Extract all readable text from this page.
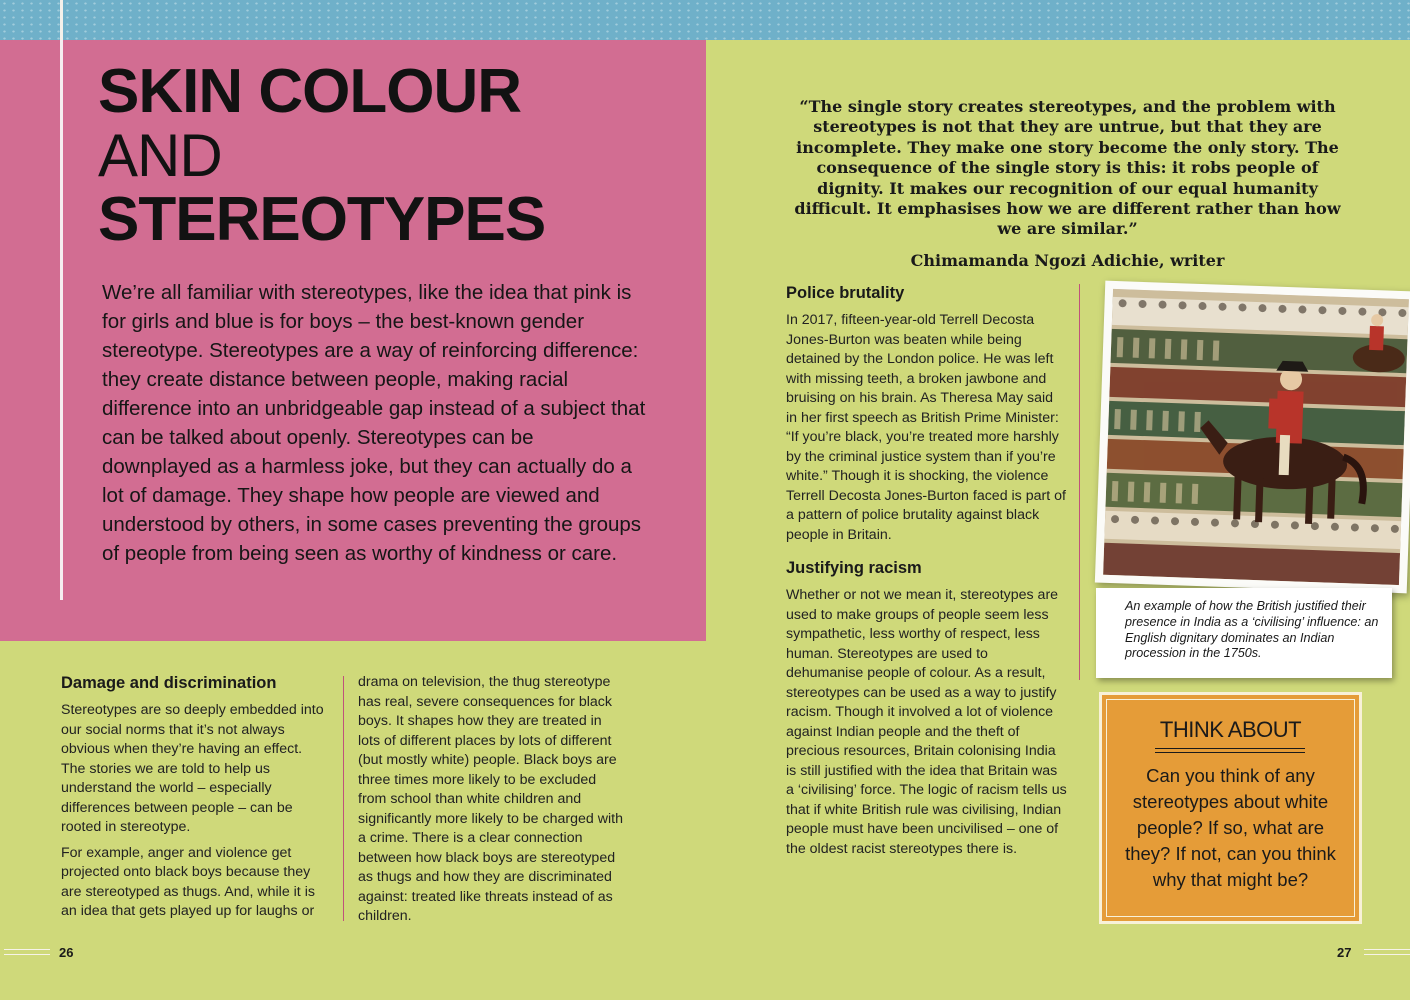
SKIN COLOUR
AND
STEREOTYPES

We’re all familiar with stereotypes, like the idea that pink is for girls and blue is for boys – the best-known gender stereotype. Stereotypes are a way of reinforcing difference: they create distance between people, making racial difference into an unbridgeable gap instead of a subject that can be talked about openly. Stereotypes can be downplayed as a harmless joke, but they can actually do a lot of damage. They shape how people are viewed and understood by others, in some cases preventing the groups of people from being seen as worthy of kindness or care.

Damage and discrimination

Stereotypes are so deeply embedded into our social norms that it’s not always obvious when they’re having an effect. The stories we are told to help us understand the world – especially differences between people – can be rooted in stereotype.

For example, anger and violence get projected onto black boys because they are stereotyped as thugs. And, while it is an idea that gets played up for laughs or

drama on television, the thug stereotype has real, severe consequences for black boys. It shapes how they are treated in lots of different places by lots of different (but mostly white) people. Black boys are three times more likely to be excluded from school than white children and significantly more likely to be charged with a crime. There is a clear connection between how black boys are stereotyped as thugs and how they are discriminated against: treated like threats instead of as children.

“The single story creates stereotypes, and the problem with stereotypes is not that they are untrue, but that they are incomplete. They make one story become the only story. The consequence of the single story is this: it robs people of dignity. It makes our recognition of our equal humanity difficult. It emphasises how we are different rather than how we are similar.”
Chimamanda Ngozi Adichie, writer
Police brutality

In 2017, fifteen-year-old Terrell Decosta Jones-Burton was beaten while being detained by the London police. He was left with missing teeth, a broken jawbone and bruising on his brain. As Theresa May said in her first speech as British Prime Minister: “If you’re black, you’re treated more harshly by the criminal justice system than if you’re white.” Though it is shocking, the violence Terrell Decosta Jones-Burton faced is part of a pattern of police brutality against black people in Britain.

Justifying racism

Whether or not we mean it, stereotypes are used to make groups of people seem less sympathetic, less worthy of respect, less human. Stereotypes are used to dehumanise people of colour. As a result, stereotypes can be used as a way to justify racism. Though it involved a lot of violence against Indian people and the theft of precious resources, Britain colonising India is still justified with the idea that Britain was a ‘civilising’ force. The logic of racism tells us that if white British rule was civilising, Indian people must have been uncivilised – one of the oldest racist stereotypes there is.

An example of how the British justified their presence in India as a ‘civilising’ influence: an English dignitary dominates an Indian procession in the 1750s.

THINK ABOUT

Can you think of any stereotypes about white people? If so, what are they? If not, can you think why that might be?

26	27
